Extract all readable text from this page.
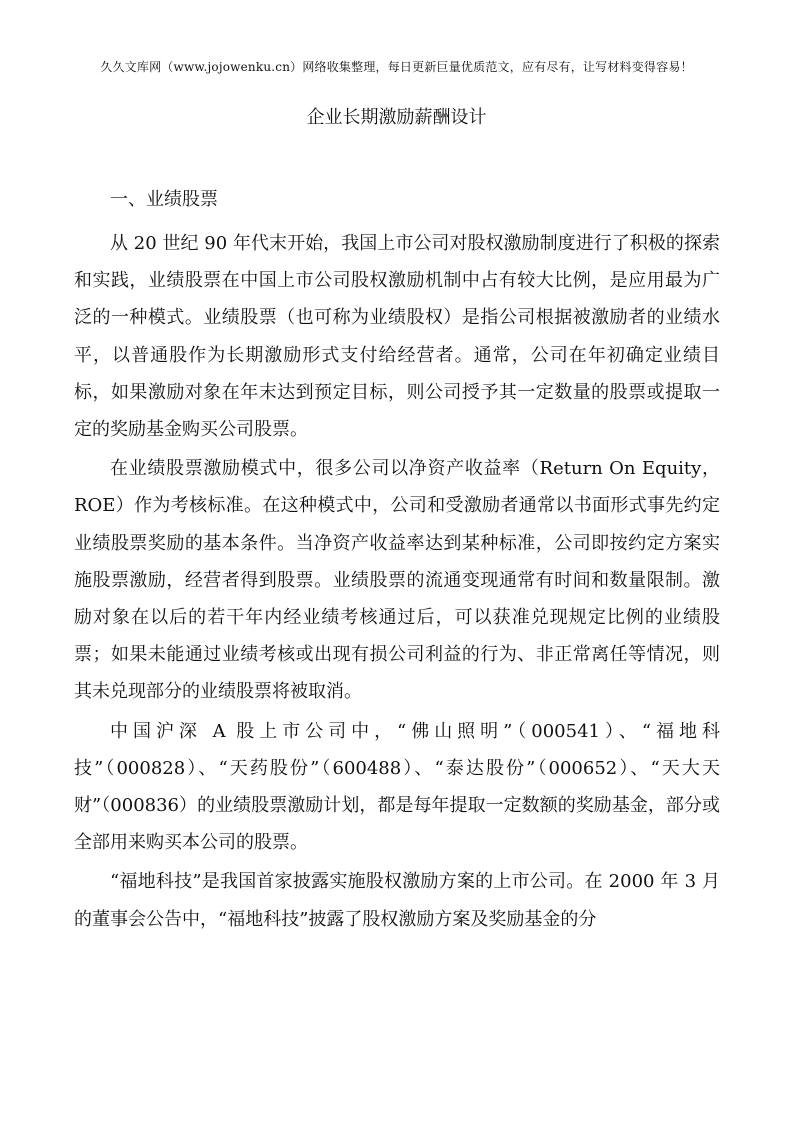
久久文库网（www.jojowenku.cn）网络收集整理，每日更新巨量优质范文，应有尽有，让写材料变得容易！
企业长期激励薪酬设计
一、业绩股票

从 20 世纪 90 年代末开始，我国上市公司对股权激励制度进行了积极的探索和实践，业绩股票在中国上市公司股权激励机制中占有较大比例，是应用最为广泛的一种模式。业绩股票（也可称为业绩股权）是指公司根据被激励者的业绩水平，以普通股作为长期激励形式支付给经营者。通常，公司在年初确定业绩目标，如果激励对象在年末达到预定目标，则公司授予其一定数量的股票或提取一定的奖励基金购买公司股票。

在业绩股票激励模式中，很多公司以净资产收益率（Return On Equity，ROE）作为考核标准。在这种模式中，公司和受激励者通常以书面形式事先约定业绩股票奖励的基本条件。当净资产收益率达到某种标准，公司即按约定方案实施股票激励，经营者得到股票。业绩股票的流通变现通常有时间和数量限制。激励对象在以后的若干年内经业绩考核通过后，可以获准兑现规定比例的业绩股票；如果未能通过业绩考核或出现有损公司利益的行为、非正常离任等情况，则其未兑现部分的业绩股票将被取消。

中国沪深 A 股上市公司中，“佛山照明”（000541）、“福地科技”（000828）、“天药股份”（600488）、“泰达股份”（000652）、“天大天财”（000836）的业绩股票激励计划，都是每年提取一定数额的奖励基金，部分或全部用来购买本公司的股票。

“福地科技”是我国首家披露实施股权激励方案的上市公司。在 2000 年 3 月的董事会公告中，“福地科技”披露了股权激励方案及奖励基金的分
